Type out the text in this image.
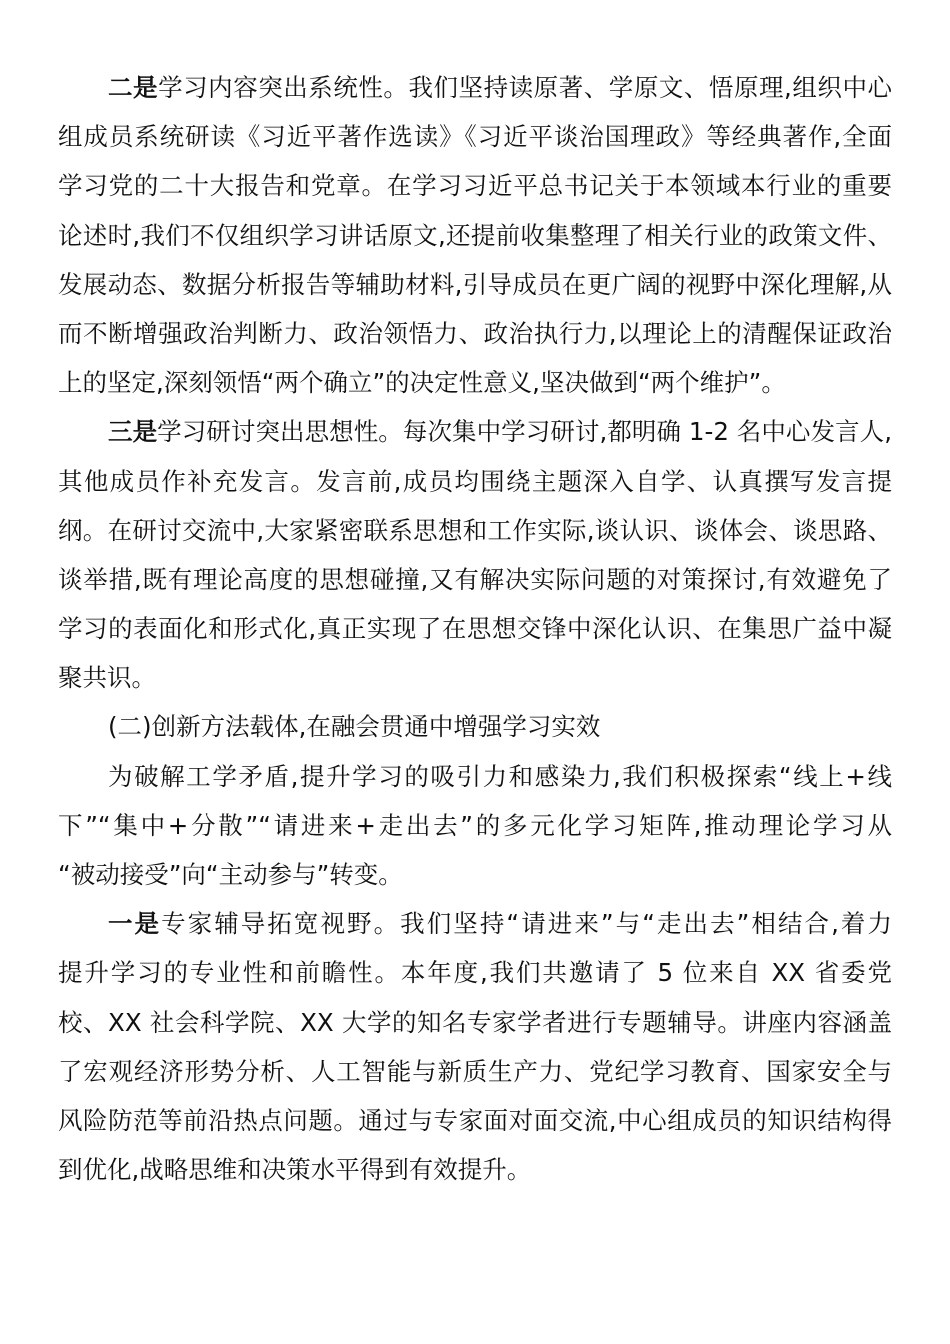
二是学习内容突出系统性。我们坚持读原著、学原文、悟原理,组织中心
组成员系统研读《习近平著作选读》《习近平谈治国理政》等经典著作,全面
学习党的二十大报告和党章。在学习习近平总书记关于本领域本行业的重要
论述时,我们不仅组织学习讲话原文,还提前收集整理了相关行业的政策文件、
发展动态、数据分析报告等辅助材料,引导成员在更广阔的视野中深化理解,从
而不断增强政治判断力、政治领悟力、政治执行力,以理论上的清醒保证政治
上的坚定,深刻领悟“两个确立”的决定性意义,坚决做到“两个维护”。
三是学习研讨突出思想性。每次集中学习研讨,都明确 1-2 名中心发言人,
其他成员作补充发言。发言前,成员均围绕主题深入自学、认真撰写发言提
纲。在研讨交流中,大家紧密联系思想和工作实际,谈认识、谈体会、谈思路、
谈举措,既有理论高度的思想碰撞,又有解决实际问题的对策探讨,有效避免了
学习的表面化和形式化,真正实现了在思想交锋中深化认识、在集思广益中凝
聚共识。
(二)创新方法载体,在融会贯通中增强学习实效
为破解工学矛盾,提升学习的吸引力和感染力,我们积极探索“线上+线
下”“集中+分散”“请进来+走出去”的多元化学习矩阵,推动理论学习从
“被动接受”向“主动参与”转变。
一是专家辅导拓宽视野。我们坚持“请进来”与“走出去”相结合,着力
提升学习的专业性和前瞻性。本年度,我们共邀请了 5 位来自 XX 省委党
校、XX 社会科学院、XX 大学的知名专家学者进行专题辅导。讲座内容涵盖
了宏观经济形势分析、人工智能与新质生产力、党纪学习教育、国家安全与
风险防范等前沿热点问题。通过与专家面对面交流,中心组成员的知识结构得
到优化,战略思维和决策水平得到有效提升。
